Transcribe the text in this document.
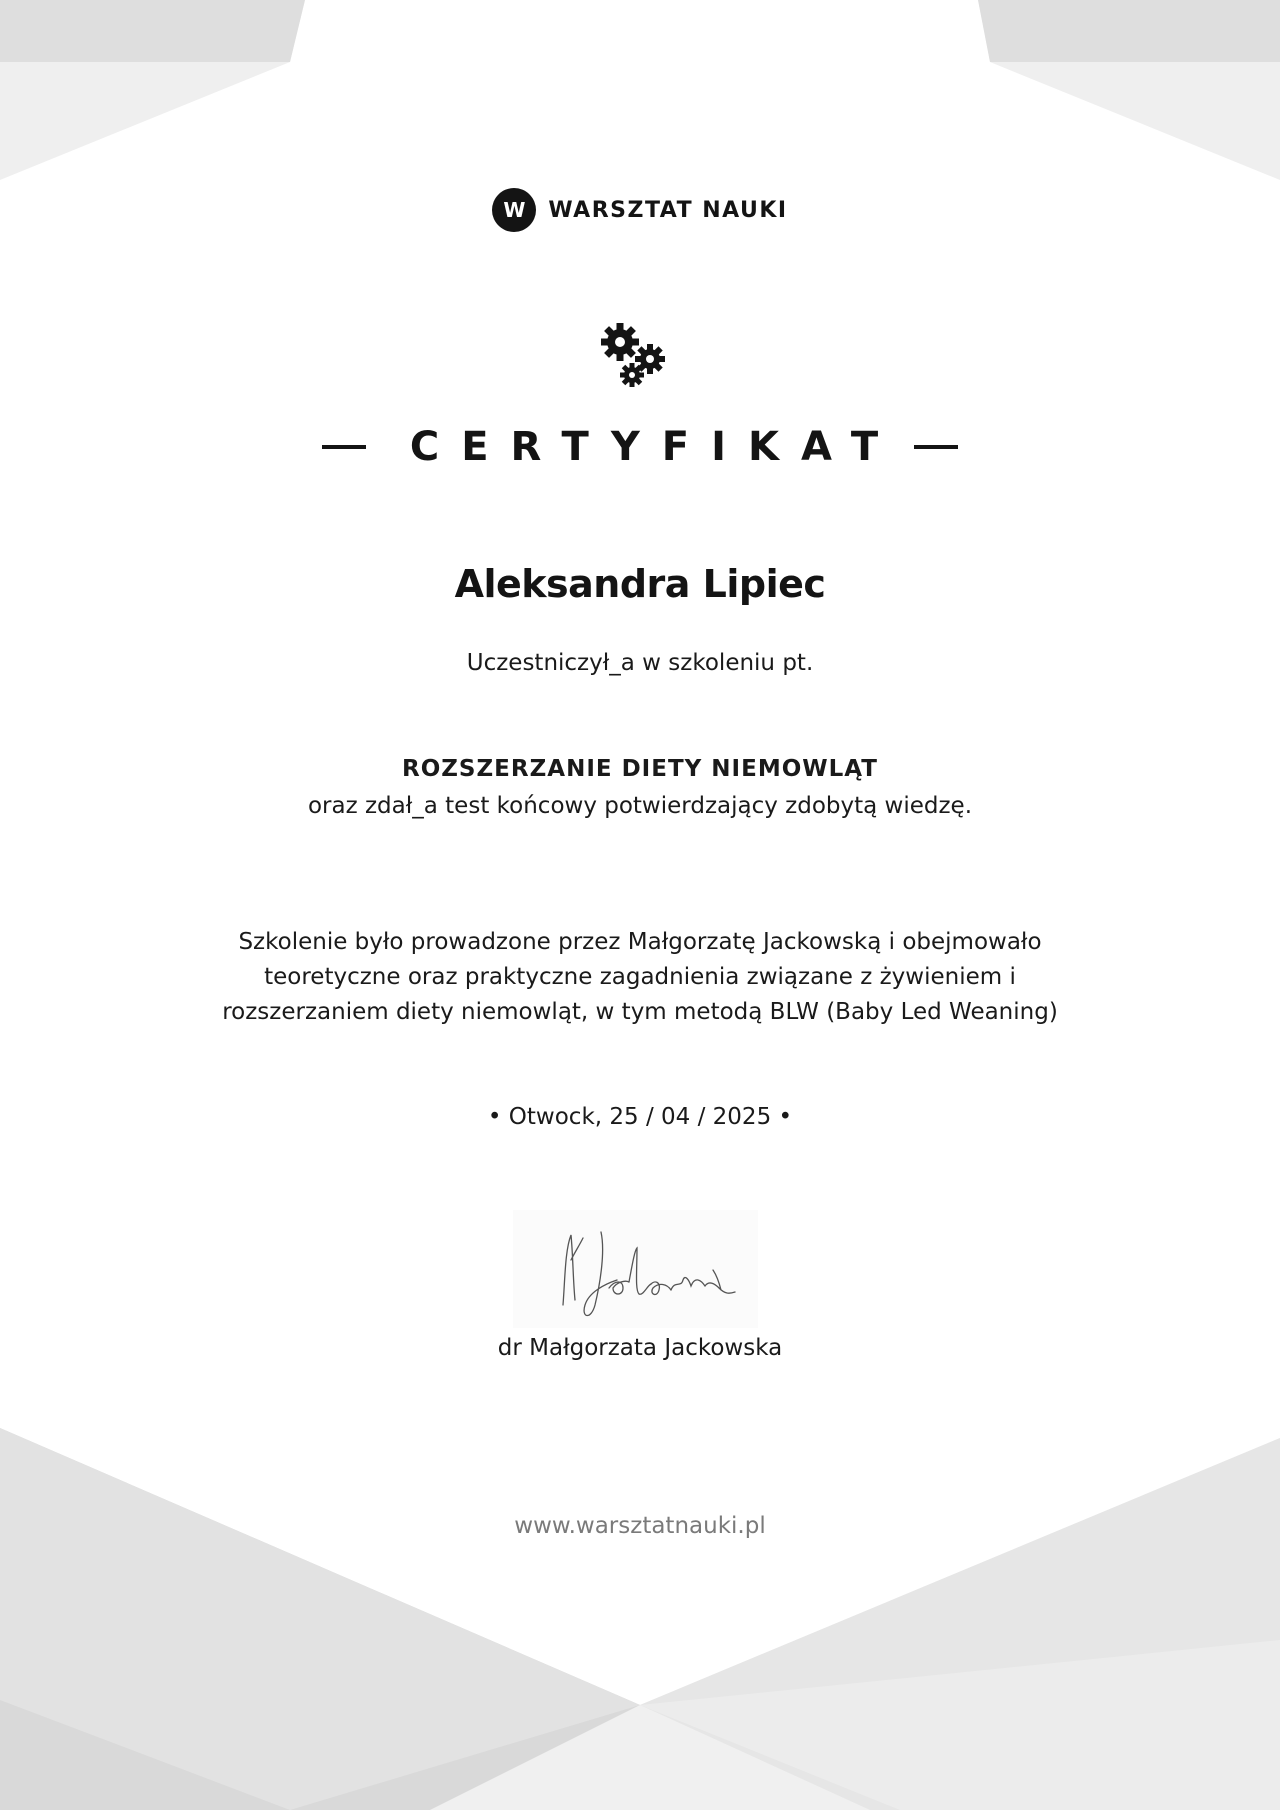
W	WARSZTAT NAUKI
CERTYFIKAT
Aleksandra Lipiec
Uczestniczył_a w szkoleniu pt.
ROZSZERZANIE DIETY NIEMOWLĄT
oraz zdał_a test końcowy potwierdzający zdobytą wiedzę.
Szkolenie było prowadzone przez Małgorzatę Jackowską i obejmowało teoretyczne oraz praktyczne zagadnienia związane z żywieniem i rozszerzaniem diety niemowląt, w tym metodą BLW (Baby Led Weaning)
• Otwock, 25 / 04 / 2025 •
dr Małgorzata Jackowska
www.warsztatnauki.pl
